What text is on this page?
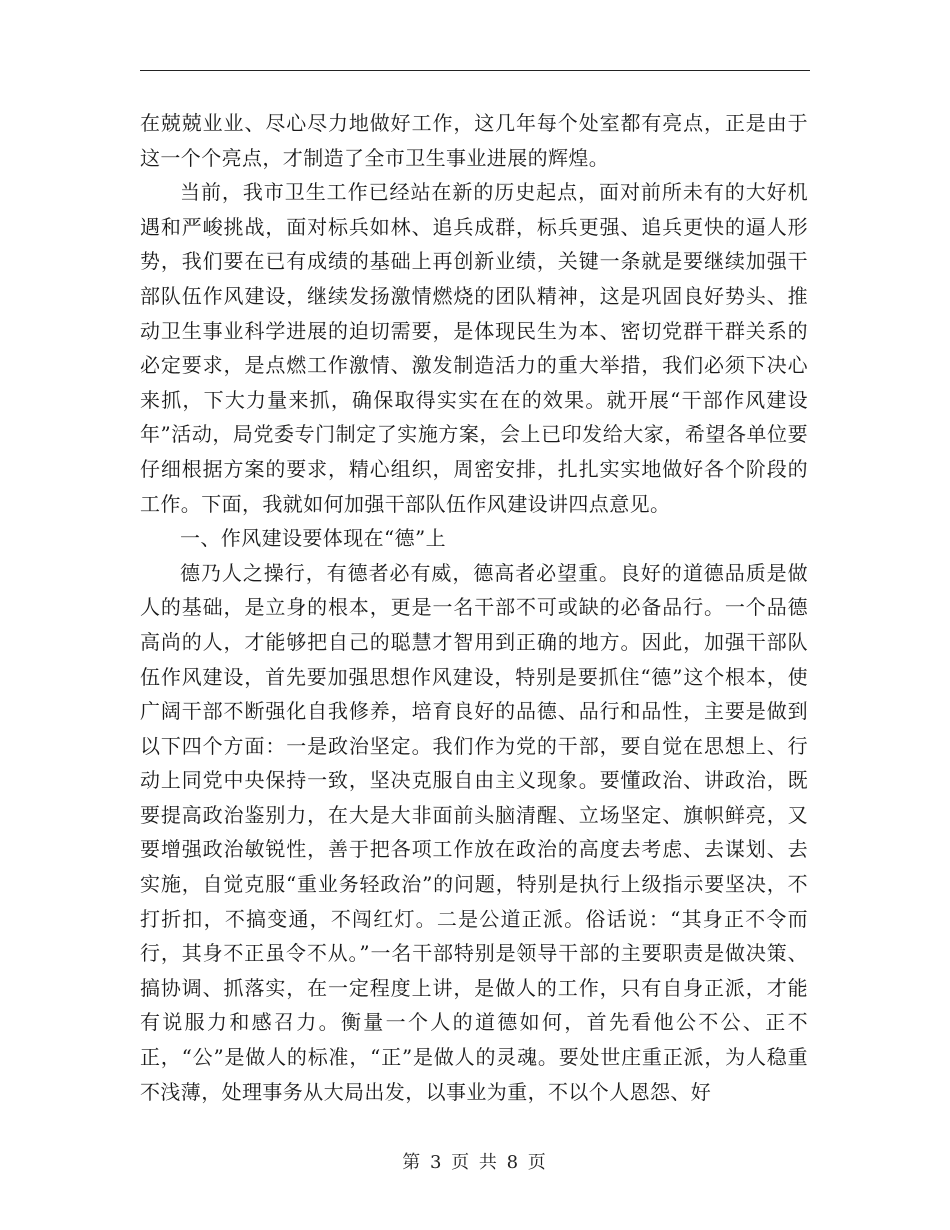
在兢兢业业、尽心尽力地做好工作，这几年每个处室都有亮点，正是由于这一个个亮点，才制造了全市卫生事业进展的辉煌。

当前，我市卫生工作已经站在新的历史起点，面对前所未有的大好机遇和严峻挑战，面对标兵如林、追兵成群，标兵更强、追兵更快的逼人形势，我们要在已有成绩的基础上再创新业绩，关键一条就是要继续加强干部队伍作风建设，继续发扬激情燃烧的团队精神，这是巩固良好势头、推动卫生事业科学进展的迫切需要，是体现民生为本、密切党群干群关系的必定要求，是点燃工作激情、激发制造活力的重大举措，我们必须下决心来抓，下大力量来抓，确保取得实实在在的效果。就开展“干部作风建设年”活动，局党委专门制定了实施方案，会上已印发给大家，希望各单位要仔细根据方案的要求，精心组织，周密安排，扎扎实实地做好各个阶段的工作。下面，我就如何加强干部队伍作风建设讲四点意见。

一、作风建设要体现在“德”上

德乃人之操行，有德者必有威，德高者必望重。良好的道德品质是做人的基础，是立身的根本，更是一名干部不可或缺的必备品行。一个品德高尚的人，才能够把自己的聪慧才智用到正确的地方。因此，加强干部队伍作风建设，首先要加强思想作风建设，特别是要抓住“德”这个根本，使广阔干部不断强化自我修养，培育良好的品德、品行和品性，主要是做到以下四个方面：一是政治坚定。我们作为党的干部，要自觉在思想上、行动上同党中央保持一致，坚决克服自由主义现象。要懂政治、讲政治，既要提高政治鉴别力，在大是大非面前头脑清醒、立场坚定、旗帜鲜亮，又要增强政治敏锐性，善于把各项工作放在政治的高度去考虑、去谋划、去实施，自觉克服“重业务轻政治”的问题，特别是执行上级指示要坚决，不打折扣，不搞变通，不闯红灯。二是公道正派。俗话说：“其身正不令而行，其身不正虽令不从。”一名干部特别是领导干部的主要职责是做决策、搞协调、抓落实，在一定程度上讲，是做人的工作，只有自身正派，才能有说服力和感召力。衡量一个人的道德如何，首先看他公不公、正不正，“公”是做人的标准，“正”是做人的灵魂。要处世庄重正派，为人稳重不浅薄，处理事务从大局出发，以事业为重，不以个人恩怨、好

第 3 页 共 8 页
